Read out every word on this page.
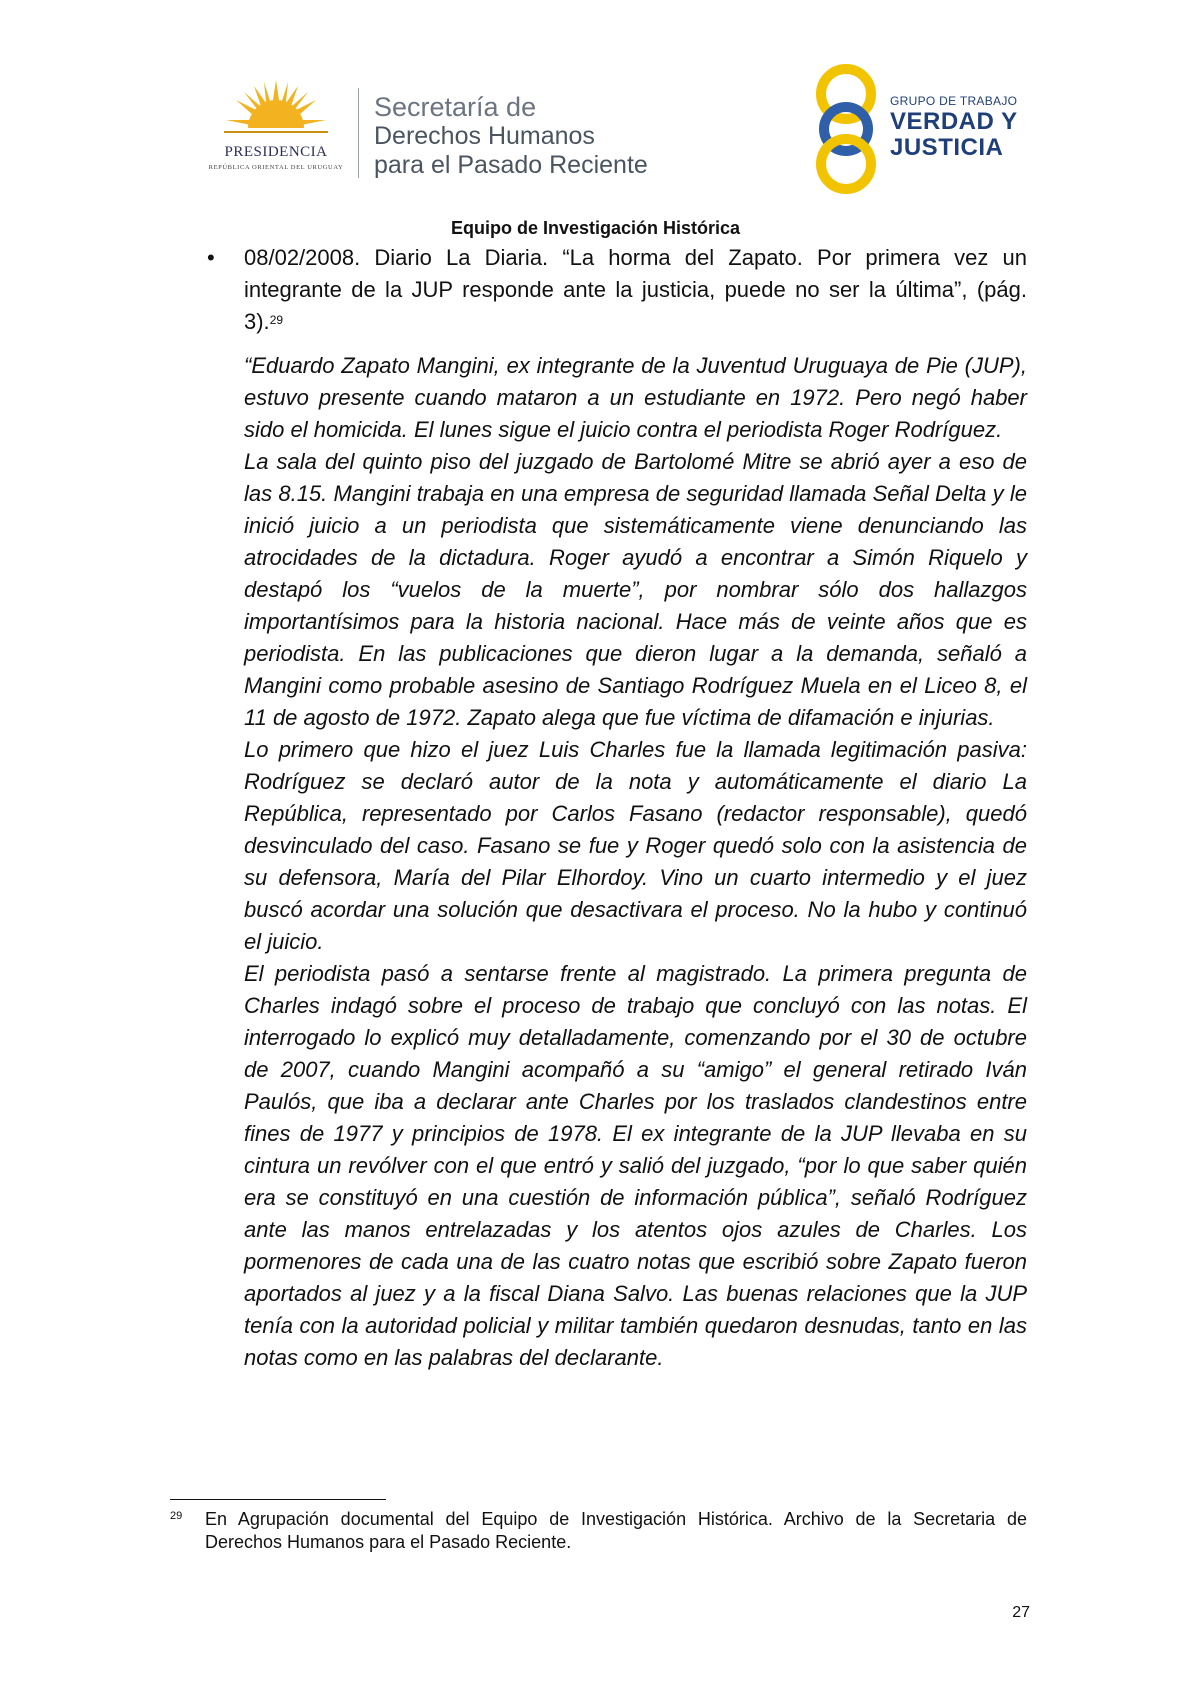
PRESIDENCIA
REPÚBLICA ORIENTAL DEL URUGUAY
Secretaría de
Derechos Humanos
para el Pasado Reciente
GRUPO DE TRABAJO
VERDAD Y
JUSTICIA
Equipo de Investigación Histórica
• 08/02/2008. Diario La Diaria. “La horma del Zapato. Por primera vez un integrante de la JUP responde ante la justicia, puede no ser la última”, (pág. 3).$^{29}$

“Eduardo Zapato Mangini, ex integrante de la Juventud Uruguaya de Pie (JUP), estuvo presente cuando mataron a un estudiante en 1972. Pero negó haber sido el homicida. El lunes sigue el juicio contra el periodista Roger Rodríguez.

La sala del quinto piso del juzgado de Bartolomé Mitre se abrió ayer a eso de las 8.15. Mangini trabaja en una empresa de seguridad llamada Señal Delta y le inició juicio a un periodista que sistemáticamente viene denunciando las atrocidades de la dictadura. Roger ayudó a encontrar a Simón Riquelo y destapó los “vuelos de la muerte”, por nombrar sólo dos hallazgos importantísimos para la historia nacional. Hace más de veinte años que es periodista. En las publicaciones que dieron lugar a la demanda, señaló a Mangini como probable asesino de Santiago Rodríguez Muela en el Liceo 8, el 11 de agosto de 1972. Zapato alega que fue víctima de difamación e injurias.

Lo primero que hizo el juez Luis Charles fue la llamada legitimación pasiva: Rodríguez se declaró autor de la nota y automáticamente el diario La República, representado por Carlos Fasano (redactor responsable), quedó desvinculado del caso. Fasano se fue y Roger quedó solo con la asistencia de su defensora, María del Pilar Elhordoy. Vino un cuarto intermedio y el juez buscó acordar una solución que desactivara el proceso. No la hubo y continuó el juicio.

El periodista pasó a sentarse frente al magistrado. La primera pregunta de Charles indagó sobre el proceso de trabajo que concluyó con las notas. El interrogado lo explicó muy detalladamente, comenzando por el 30 de octubre de 2007, cuando Mangini acompañó a su “amigo” el general retirado Iván Paulós, que iba a declarar ante Charles por los traslados clandestinos entre fines de 1977 y principios de 1978. El ex integrante de la JUP llevaba en su cintura un revólver con el que entró y salió del juzgado, “por lo que saber quién era se constituyó en una cuestión de información pública”, señaló Rodríguez ante las manos entrelazadas y los atentos ojos azules de Charles. Los pormenores de cada una de las cuatro notas que escribió sobre Zapato fueron aportados al juez y a la fiscal Diana Salvo. Las buenas relaciones que la JUP tenía con la autoridad policial y militar también quedaron desnudas, tanto en las notas como en las palabras del declarante.

29 En Agrupación documental del Equipo de Investigación Histórica. Archivo de la Secretaria de Derechos Humanos para el Pasado Reciente.
27
